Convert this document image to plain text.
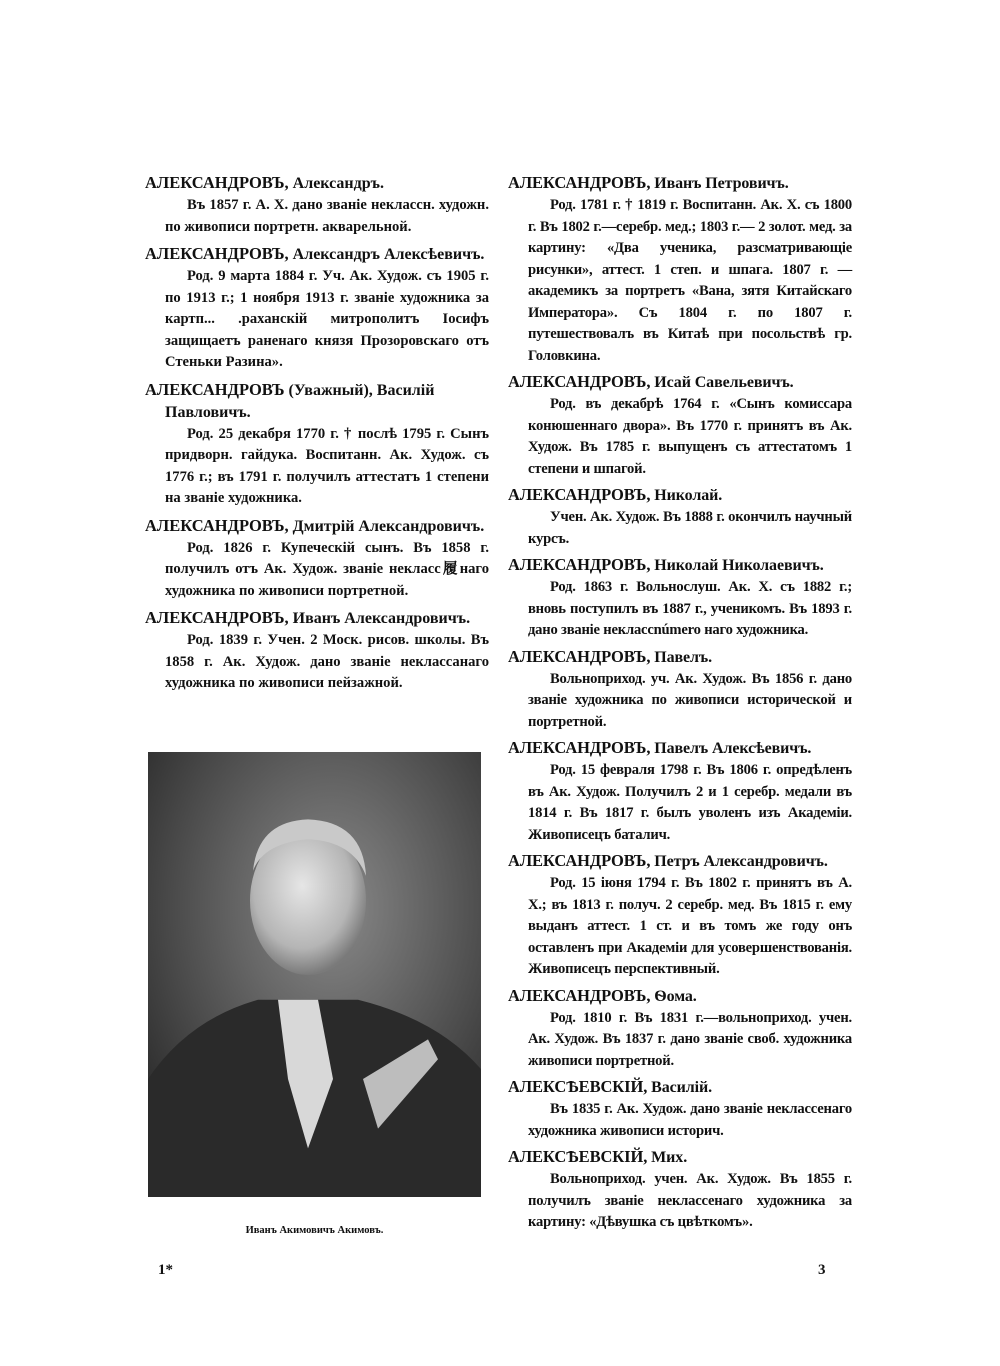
АЛЕКСАНДРОВЪ, Александръ.
Въ 1857 г. А. Х. дано званіе некласcн. художн. по живописи портретн. акварельной.
АЛЕКСАНДРОВЪ, Александръ Алексѣевичъ.
Род. 9 марта 1884 г. Уч. Ак. Худож. съ 1905 г. по 1913 г.; 1 ноября 1913 г. званіе художника за картп... .раханскій митрополитъ Іосифъ защищаетъ раненаго князя Прозоровскаго отъ Стеньки Разина».
АЛЕКСАНДРОВЪ (Уважный), Василій Павловичъ.
Род. 25 декабря 1770 г. † послѣ 1795 г. Сынъ придворн. гайдука. Воспитанн. Ак. Худож. съ 1776 г.; въ 1791 г. получилъ аттестатъ 1 степени на званіе художника.
АЛЕКСАНДРОВЪ, Дмитрій Александровичъ.
Род. 1826 г. Купеческій сынъ. Въ 1858 г. получилъ отъ Ак. Худож. званіе некласс履наго художника по живописи портретной.
АЛЕКСАНДРОВЪ, Иванъ Александровичъ.
Род. 1839 г. Учен. 2 Моск. рисов. школы. Въ 1858 г. Ак. Худож. дано званіе неклассанаго художника по живописи пейзажной.
АЛЕКСАНДРОВЪ, Иванъ Петровичъ.
Род. 1781 г. † 1819 г. Воспитанн. Ак. Х. съ 1800 г. Въ 1802 г.—серебр. мед.; 1803 г.— 2 золот. мед. за картину: «Два ученика, разсматривающіе рисунки», аттест. 1 степ. и шпага. 1807 г. — академикъ за портретъ «Вана, зятя Китайскаго Императора». Съ 1804 г. по 1807 г. путешествовалъ въ Китаѣ при посольствѣ гр. Головкина.
АЛЕКСАНДРОВЪ, Исай Савельевичъ.
Род. въ декабрѣ 1764 г. «Сынъ комиссара конюшеннаго двора». Въ 1770 г. принятъ въ Ак. Худож. Въ 1785 г. выпущенъ съ аттестатомъ 1 степени и шпагой.
АЛЕКСАНДРОВЪ, Николай.
Учен. Ак. Худож. Въ 1888 г. окончилъ научный курсъ.
АЛЕКСАНДРОВЪ, Николай Николаевичъ.
Род. 1863 г. Вольнослуш. Ак. Х. съ 1882 г.; вновь поступилъ въ 1887 г., ученикомъ. Въ 1893 г. дано званіе неклассnúmero наго художника.
АЛЕКСАНДРОВЪ, Павелъ.
Вольноприход. уч. Ак. Худож. Въ 1856 г. дано званіе художника по живописи исторической и портретной.
АЛЕКСАНДРОВЪ, Павелъ Алексѣевичъ.
Род. 15 февраля 1798 г. Въ 1806 г. опредѣленъ въ Ак. Худож. Получилъ 2 и 1 серебр. медали въ 1814 г. Въ 1817 г. былъ уволенъ изъ Академіи. Живописецъ баталич.
АЛЕКСАНДРОВЪ, Петръ Александровичъ.
Род. 15 іюня 1794 г. Въ 1802 г. принятъ въ А. Х.; въ 1813 г. получ. 2 серебр. мед. Въ 1815 г. ему выданъ аттест. 1 ст. и въ томъ же году онъ оставленъ при Академіи для усовершенствованія. Живописецъ перспективный.
АЛЕКСАНДРОВЪ, Ѳома.
Род. 1810 г. Въ 1831 г.—вольноприход. учен. Ак. Худож. Въ 1837 г. дано званіе своб. художника живописи портретной.
АЛЕКСѢЕВСКІЙ, Василій.
Въ 1835 г. Ак. Худож. дано званіе неклассенаго художника живописи историч.
АЛЕКСѢЕВСКІЙ, Мих.
Вольноприход. учен. Ак. Худож. Въ 1855 г. получилъ званіе неклассенаго художника за картину: «Дѣвушка съ цвѣткомъ».
Иванъ Акимовичъ Акимовъ.
1*	3
